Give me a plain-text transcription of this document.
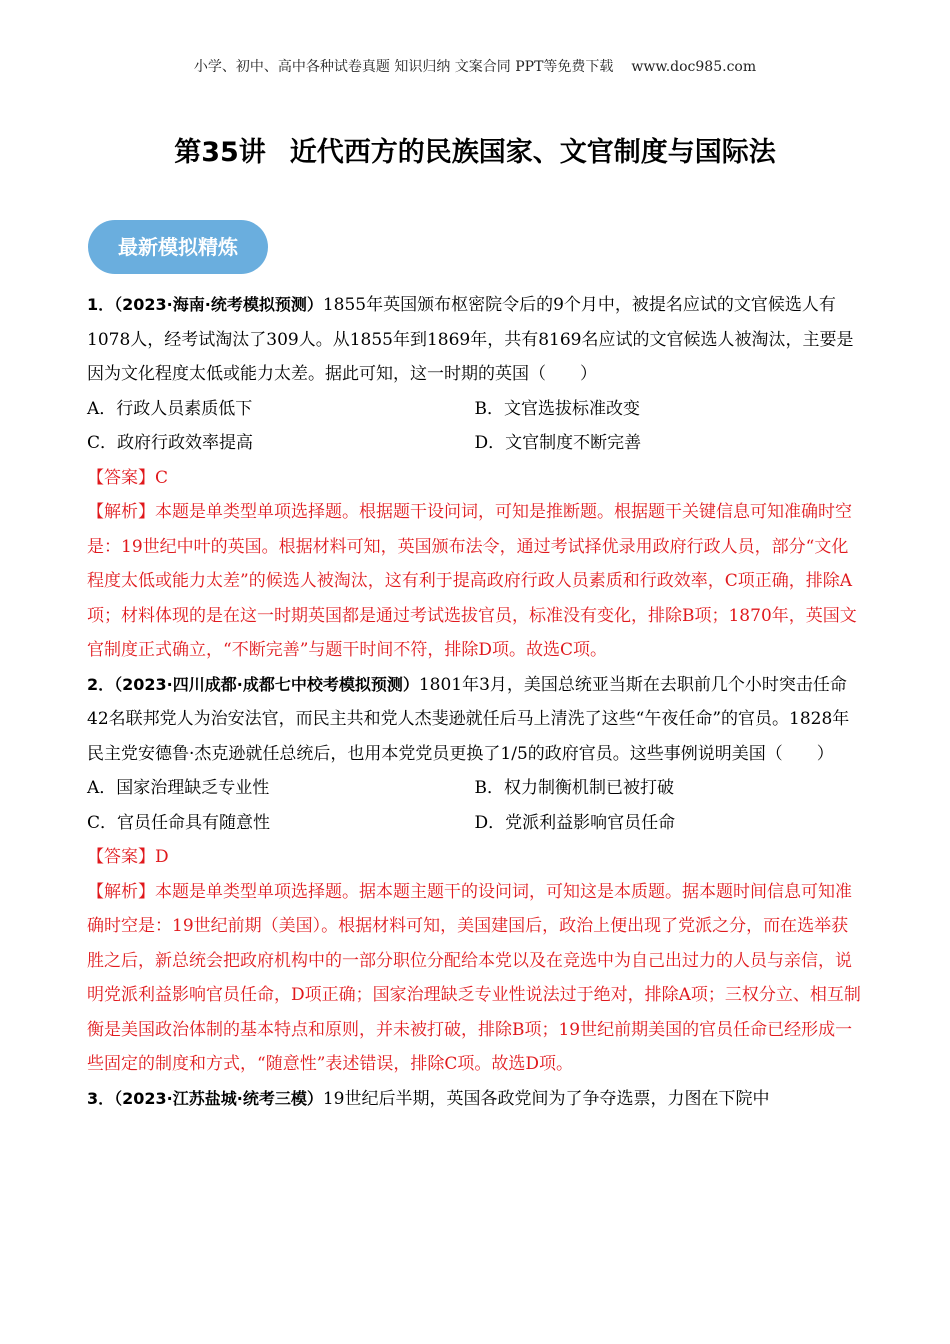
小学、初中、高中各种试卷真题 知识归纳 文案合同 PPT等免费下载 www.doc985.com
第35讲 近代西方的民族国家、文官制度与国际法
最新模拟精炼

1．（2023·海南·统考模拟预测）1855年英国颁布枢密院令后的9个月中，被提名应试的文官候选人有1078人，经考试淘汰了309人。从1855年到1869年，共有8169名应试的文官候选人被淘汰，主要是因为文化程度太低或能力太差。据此可知，这一时期的英国（　　）

A．行政人员素质低下	B．文官选拔标准改变
C．政府行政效率提高	D．文官制度不断完善

【答案】C

【解析】本题是单类型单项选择题。根据题干设问词，可知是推断题。根据题干关键信息可知准确时空是：19世纪中叶的英国。根据材料可知，英国颁布法令，通过考试择优录用政府行政人员，部分“文化程度太低或能力太差”的候选人被淘汰，这有利于提高政府行政人员素质和行政效率，C项正确，排除A项；材料体现的是在这一时期英国都是通过考试选拔官员，标准没有变化，排除B项；1870年，英国文官制度正式确立，“不断完善”与题干时间不符，排除D项。故选C项。

2．（2023·四川成都·成都七中校考模拟预测）1801年3月，美国总统亚当斯在去职前几个小时突击任命42名联邦党人为治安法官，而民主共和党人杰斐逊就任后马上清洗了这些“午夜任命”的官员。1828年民主党安德鲁·杰克逊就任总统后，也用本党党员更换了1/5的政府官员。这些事例说明美国（　　）

A．国家治理缺乏专业性	B．权力制衡机制已被打破
C．官员任命具有随意性	D．党派利益影响官员任命

【答案】D

【解析】本题是单类型单项选择题。据本题主题干的设问词，可知这是本质题。据本题时间信息可知准确时空是：19世纪前期（美国）。根据材料可知，美国建国后，政治上便出现了党派之分，而在选举获胜之后，新总统会把政府机构中的一部分职位分配给本党以及在竞选中为自己出过力的人员与亲信，说明党派利益影响官员任命，D项正确；国家治理缺乏专业性说法过于绝对，排除A项；三权分立、相互制衡是美国政治体制的基本特点和原则，并未被打破，排除B项；19世纪前期美国的官员任命已经形成一些固定的制度和方式，“随意性”表述错误，排除C项。故选D项。

3．（2023·江苏盐城·统考三模）19世纪后半期，英国各政党间为了争夺选票，力图在下院中
